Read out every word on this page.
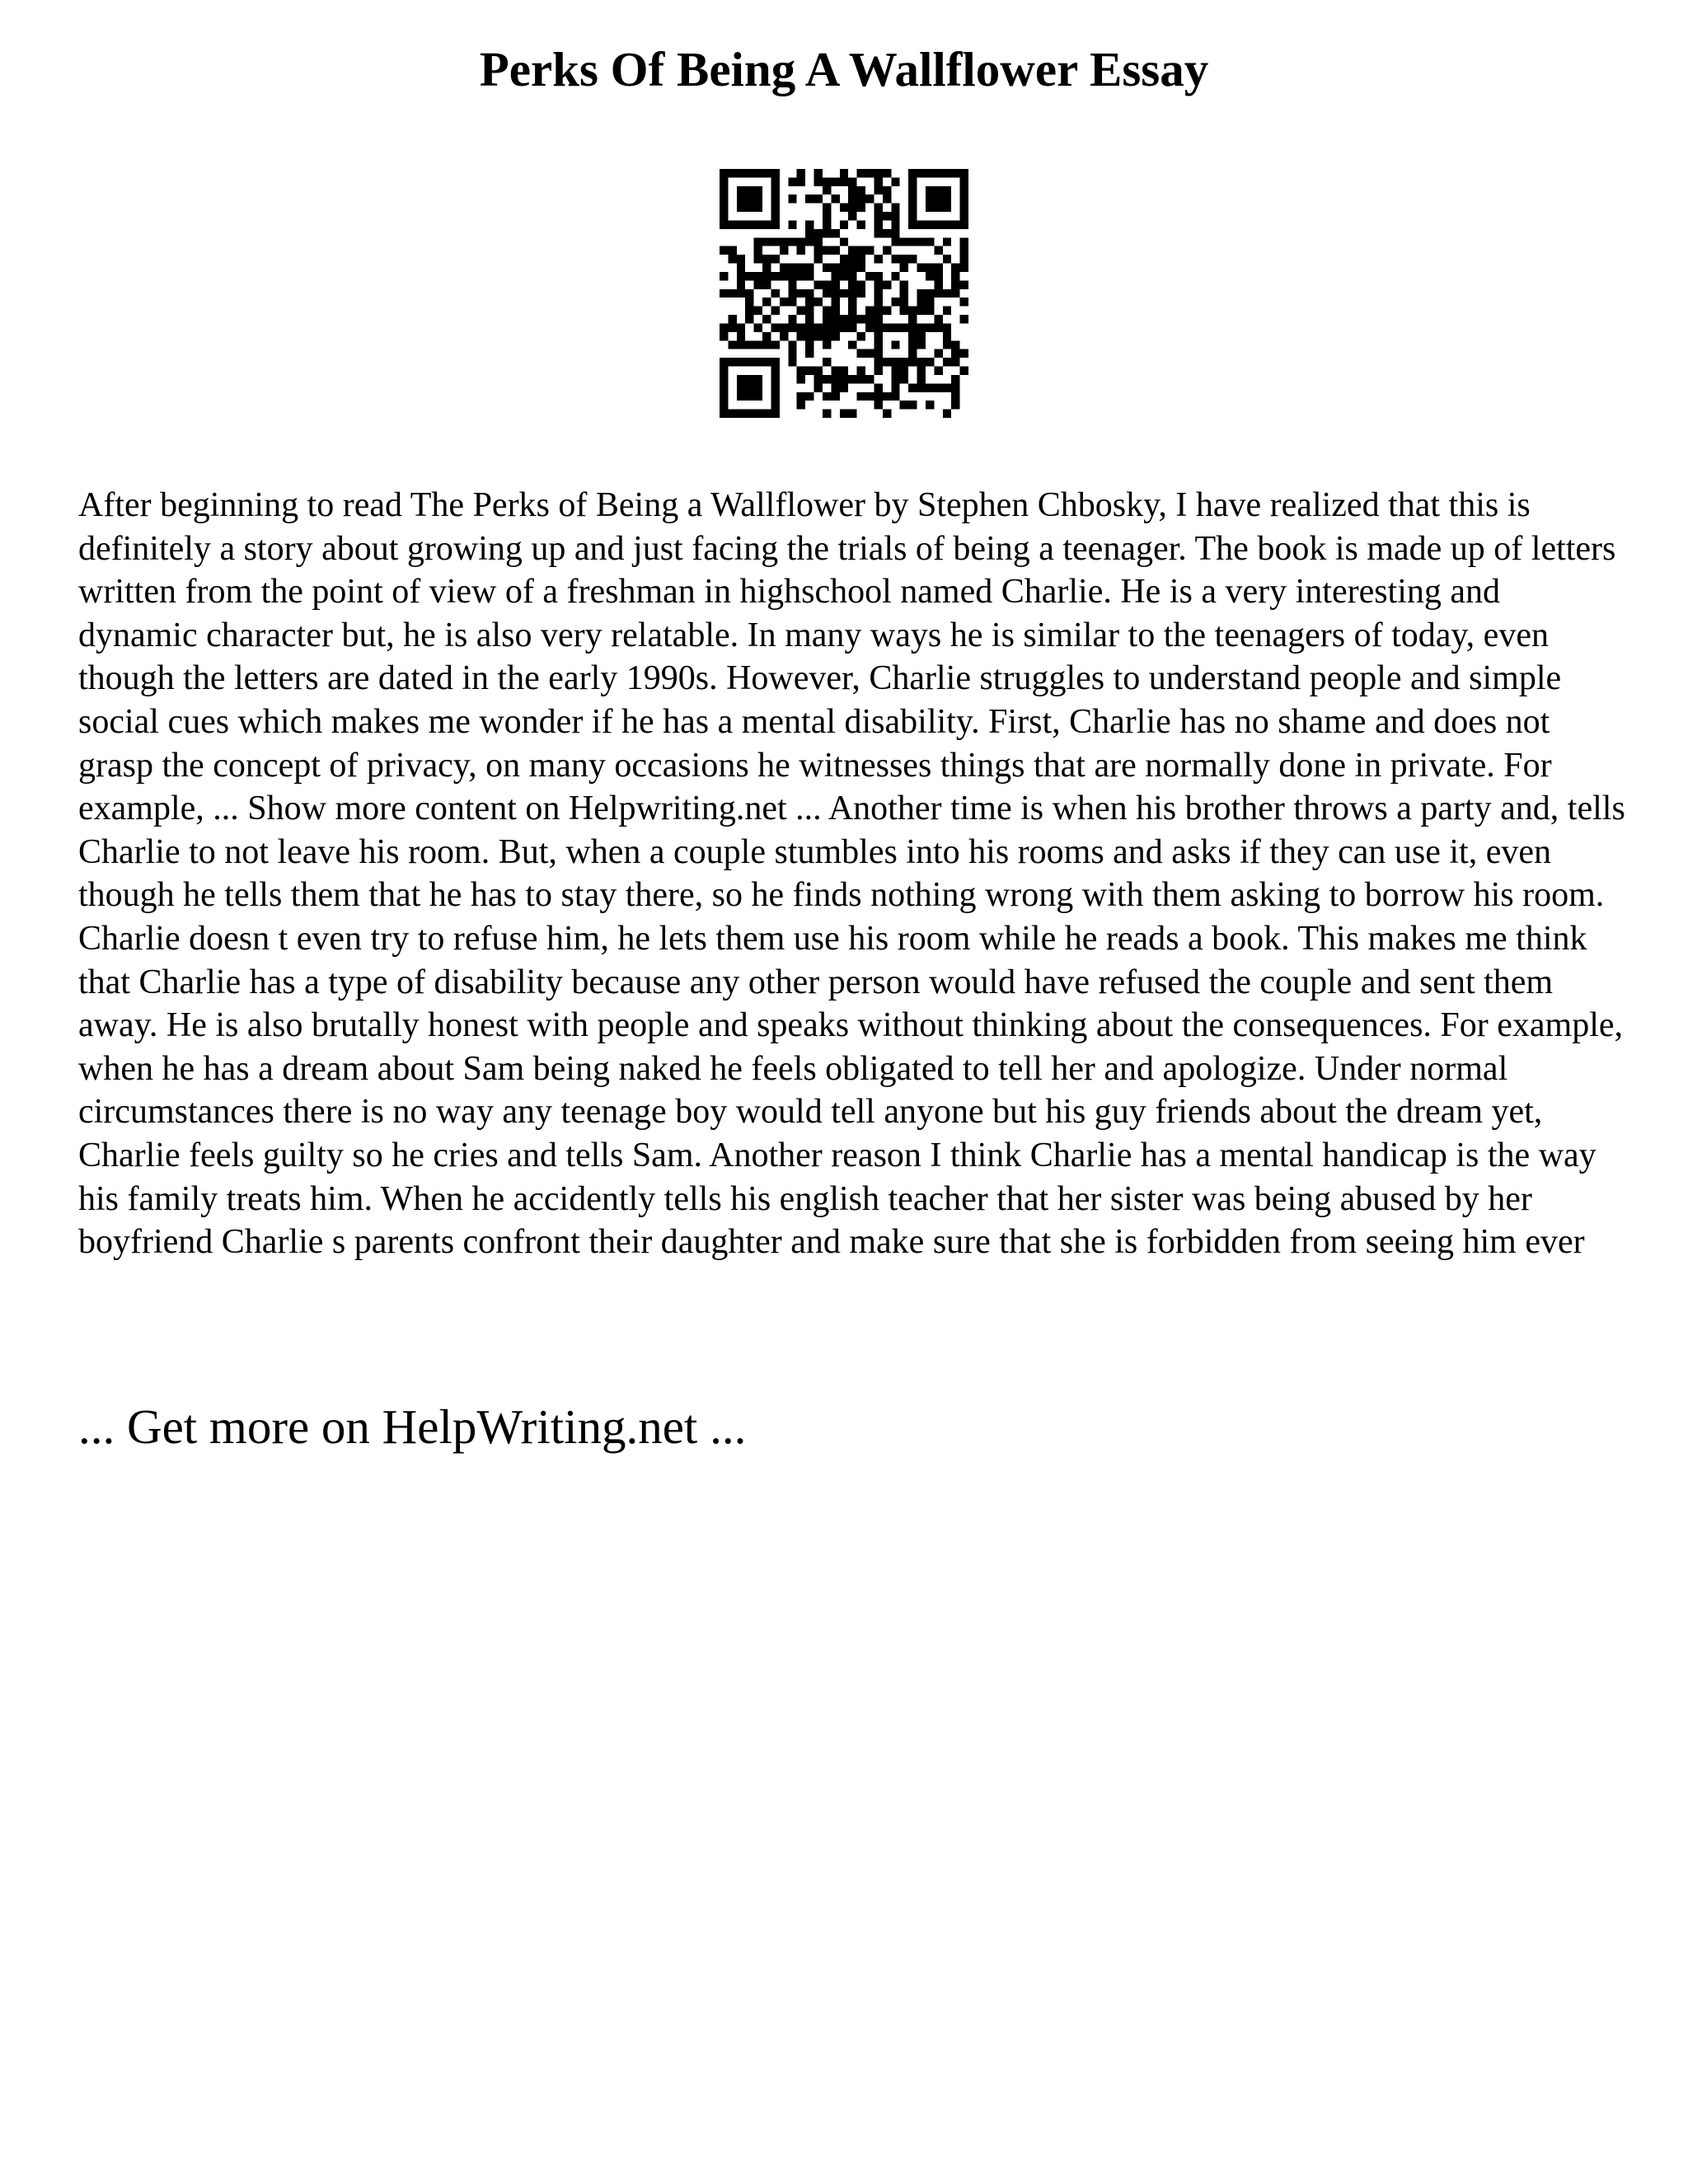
Perks Of Being A Wallflower Essay

After beginning to read The Perks of Being a Wallflower by Stephen Chbosky, I have realized that this is definitely a story about growing up and just facing the trials of being a teenager. The book is made up of letters written from the point of view of a freshman in highschool named Charlie. He is a very interesting and dynamic character but, he is also very relatable. In many ways he is similar to the teenagers of today, even though the letters are dated in the early 1990s. However, Charlie struggles to understand people and simple social cues which makes me wonder if he has a mental disability. First, Charlie has no shame and does not grasp the concept of privacy, on many occasions he witnesses things that are normally done in private. For example, ... Show more content on Helpwriting.net ... Another time is when his brother throws a party and, tells Charlie to not leave his room. But, when a couple stumbles into his rooms and asks if they can use it, even though he tells them that he has to stay there, so he finds nothing wrong with them asking to borrow his room. Charlie doesn t even try to refuse him, he lets them use his room while he reads a book. This makes me think that Charlie has a type of disability because any other person would have refused the couple and sent them away. He is also brutally honest with people and speaks without thinking about the consequences. For example, when he has a dream about Sam being naked he feels obligated to tell her and apologize. Under normal circumstances there is no way any teenage boy would tell anyone but his guy friends about the dream yet, Charlie feels guilty so he cries and tells Sam. Another reason I think Charlie has a mental handicap is the way his family treats him. When he accidently tells his english teacher that her sister was being abused by her boyfriend Charlie s parents confront their daughter and make sure that she is forbidden from seeing him ever

... Get more on HelpWriting.net ...
